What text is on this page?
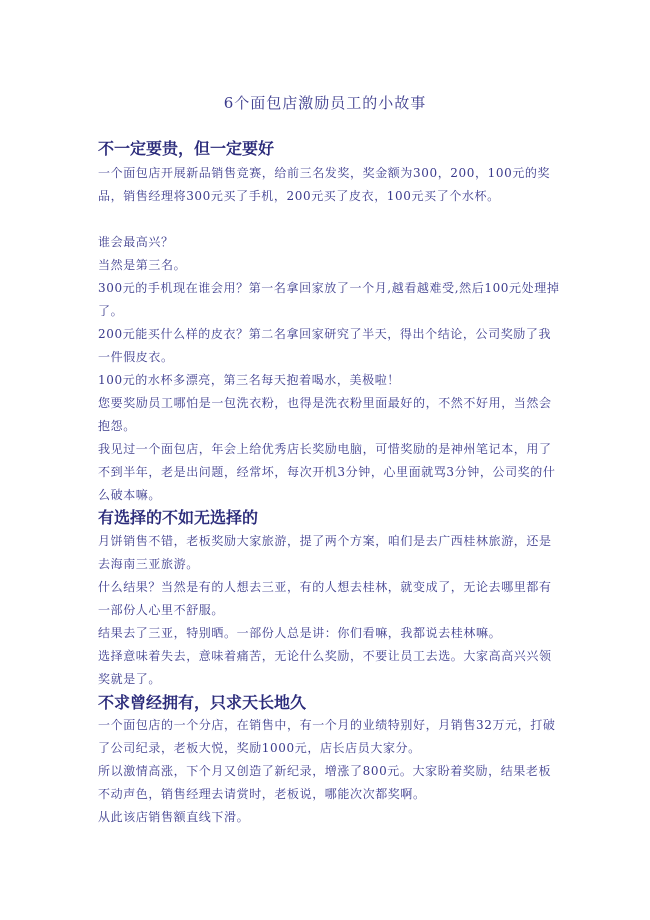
6个面包店激励员工的小故事
不一定要贵，但一定要好
一个面包店开展新品销售竞赛，给前三名发奖，奖金额为300，200，100元的奖品，销售经理将300元买了手机，200元买了皮衣，100元买了个水杯。
谁会最高兴？
当然是第三名。
300元的手机现在谁会用？第一名拿回家放了一个月,越看越难受,然后100元处理掉了。
200元能买什么样的皮衣？第二名拿回家研究了半天，得出个结论，公司奖励了我一件假皮衣。
100元的水杯多漂亮，第三名每天抱着喝水，美极啦！
您要奖励员工哪怕是一包洗衣粉，也得是洗衣粉里面最好的，不然不好用，当然会抱怨。
我见过一个面包店，年会上给优秀店长奖励电脑，可惜奖励的是神州笔记本，用了不到半年，老是出问题，经常坏，每次开机3分钟，心里面就骂3分钟，公司奖的什么破本嘛。
有选择的不如无选择的
月饼销售不错，老板奖励大家旅游，提了两个方案，咱们是去广西桂林旅游，还是去海南三亚旅游。
什么结果？当然是有的人想去三亚，有的人想去桂林，就变成了，无论去哪里都有一部份人心里不舒服。
结果去了三亚，特别晒。一部份人总是讲：你们看嘛，我都说去桂林嘛。
选择意味着失去，意味着痛苦，无论什么奖励，不要让员工去选。大家高高兴兴领奖就是了。
不求曾经拥有，只求天长地久
一个面包店的一个分店，在销售中，有一个月的业绩特别好，月销售32万元，打破了公司纪录，老板大悦，奖励1000元，店长店员大家分。
所以激情高涨，下个月又创造了新纪录，增涨了800元。大家盼着奖励，结果老板不动声色，销售经理去请赏时，老板说，哪能次次都奖啊。
从此该店销售额直线下滑。
